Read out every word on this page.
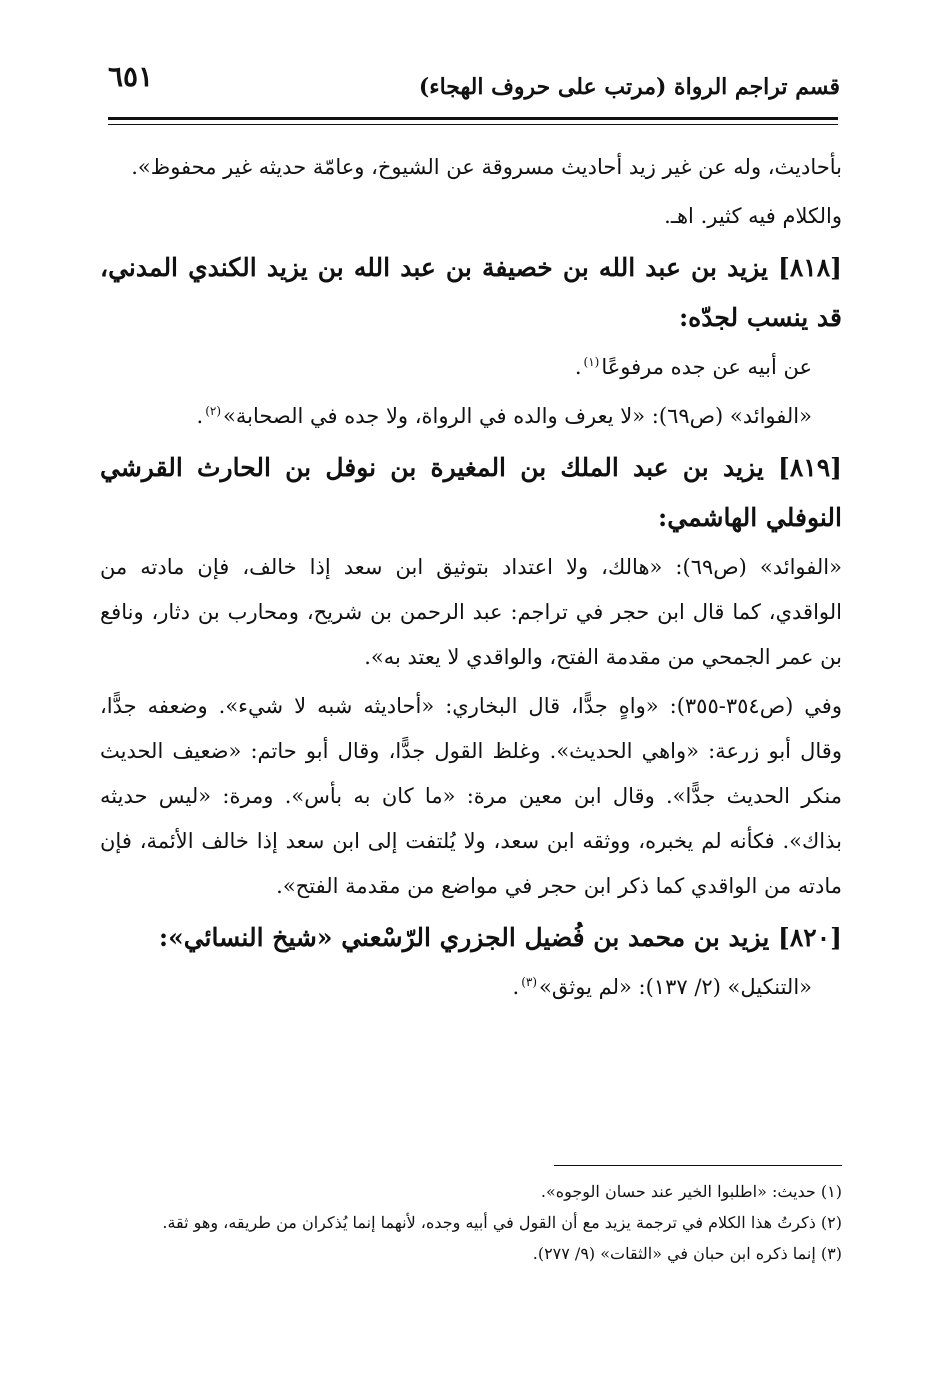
٦٥١	قسم تراجم الرواة (مرتب على حروف الهجاء)

بأحاديث، وله عن غير زيد أحاديث مسروقة عن الشيوخ، وعامّة حديثه غير محفوظ».

والكلام فيه كثير. اهـ.

[٨١٨] يزيد بن عبد الله بن خصيفة بن عبد الله بن يزيد الكندي المدني، قد ينسب لجدّه:

عن أبيه عن جده مرفوعًا$^{(١)}$.

«الفوائد» (ص٦٩): «لا يعرف والده في الرواة، ولا جده في الصحابة»$^{(٢)}$.

[٨١٩] يزيد بن عبد الملك بن المغيرة بن نوفل بن الحارث القرشي النوفلي الهاشمي:

«الفوائد» (ص٦٩): «هالك، ولا اعتداد بتوثيق ابن سعد إذا خالف، فإن مادته من الواقدي، كما قال ابن حجر في تراجم: عبد الرحمن بن شريح، ومحارب بن دثار، ونافع بن عمر الجمحي من مقدمة الفتح، والواقدي لا يعتد به».

وفي (ص٣٥٤-٣٥٥): «واهٍ جدًّا، قال البخاري: «أحاديثه شبه لا شيء». وضعفه جدًّا، وقال أبو زرعة: «واهي الحديث». وغلظ القول جدًّا، وقال أبو حاتم: «ضعيف الحديث منكر الحديث جدًّا». وقال ابن معين مرة: «ما كان به بأس». ومرة: «ليس حديثه بذاك». فكأنه لم يخبره، ووثقه ابن سعد، ولا يُلتفت إلى ابن سعد إذا خالف الأئمة، فإن مادته من الواقدي كما ذكر ابن حجر في مواضع من مقدمة الفتح».

[٨٢٠] يزيد بن محمد بن فُضيل الجزري الرّسْعني «شيخ النسائي»:

«التنكيل» (٢/ ١٣٧): «لم يوثق»$^{(٣)}$.

(١) حديث: «اطلبوا الخير عند حسان الوجوه».

(٢) ذكرتُ هذا الكلام في ترجمة يزيد مع أن القول في أبيه وجده، لأنهما إنما يُذكران من طريقه، وهو ثقة.

(٣) إنما ذكره ابن حبان في «الثقات» (٩/ ٢٧٧).
